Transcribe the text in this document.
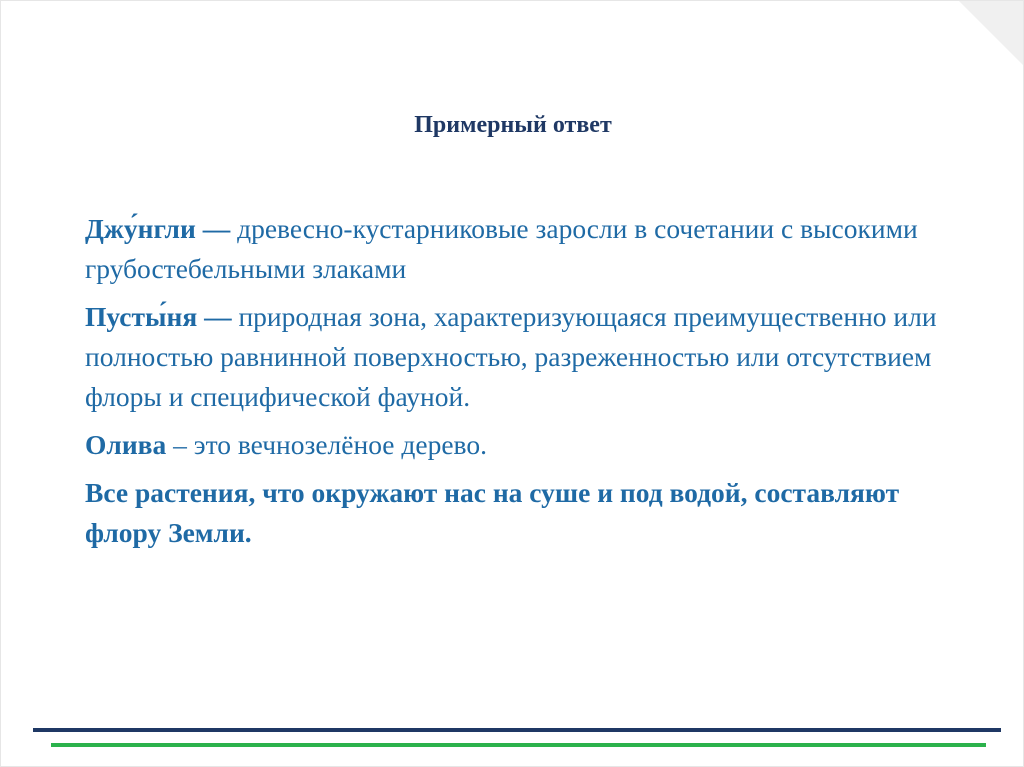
Примерный ответ

Джу́нгли — древесно-кустарниковые заросли в сочетании с высокими грубостебельными злаками

Пусты́ня — природная зона, характеризующаяся преимущественно или полностью равнинной поверхностью, разреженностью или отсутствием флоры и специфической фауной.

Олива – это вечнозелёное дерево.

Все растения, что окружают нас на суше и под водой, составляют флору Земли.
